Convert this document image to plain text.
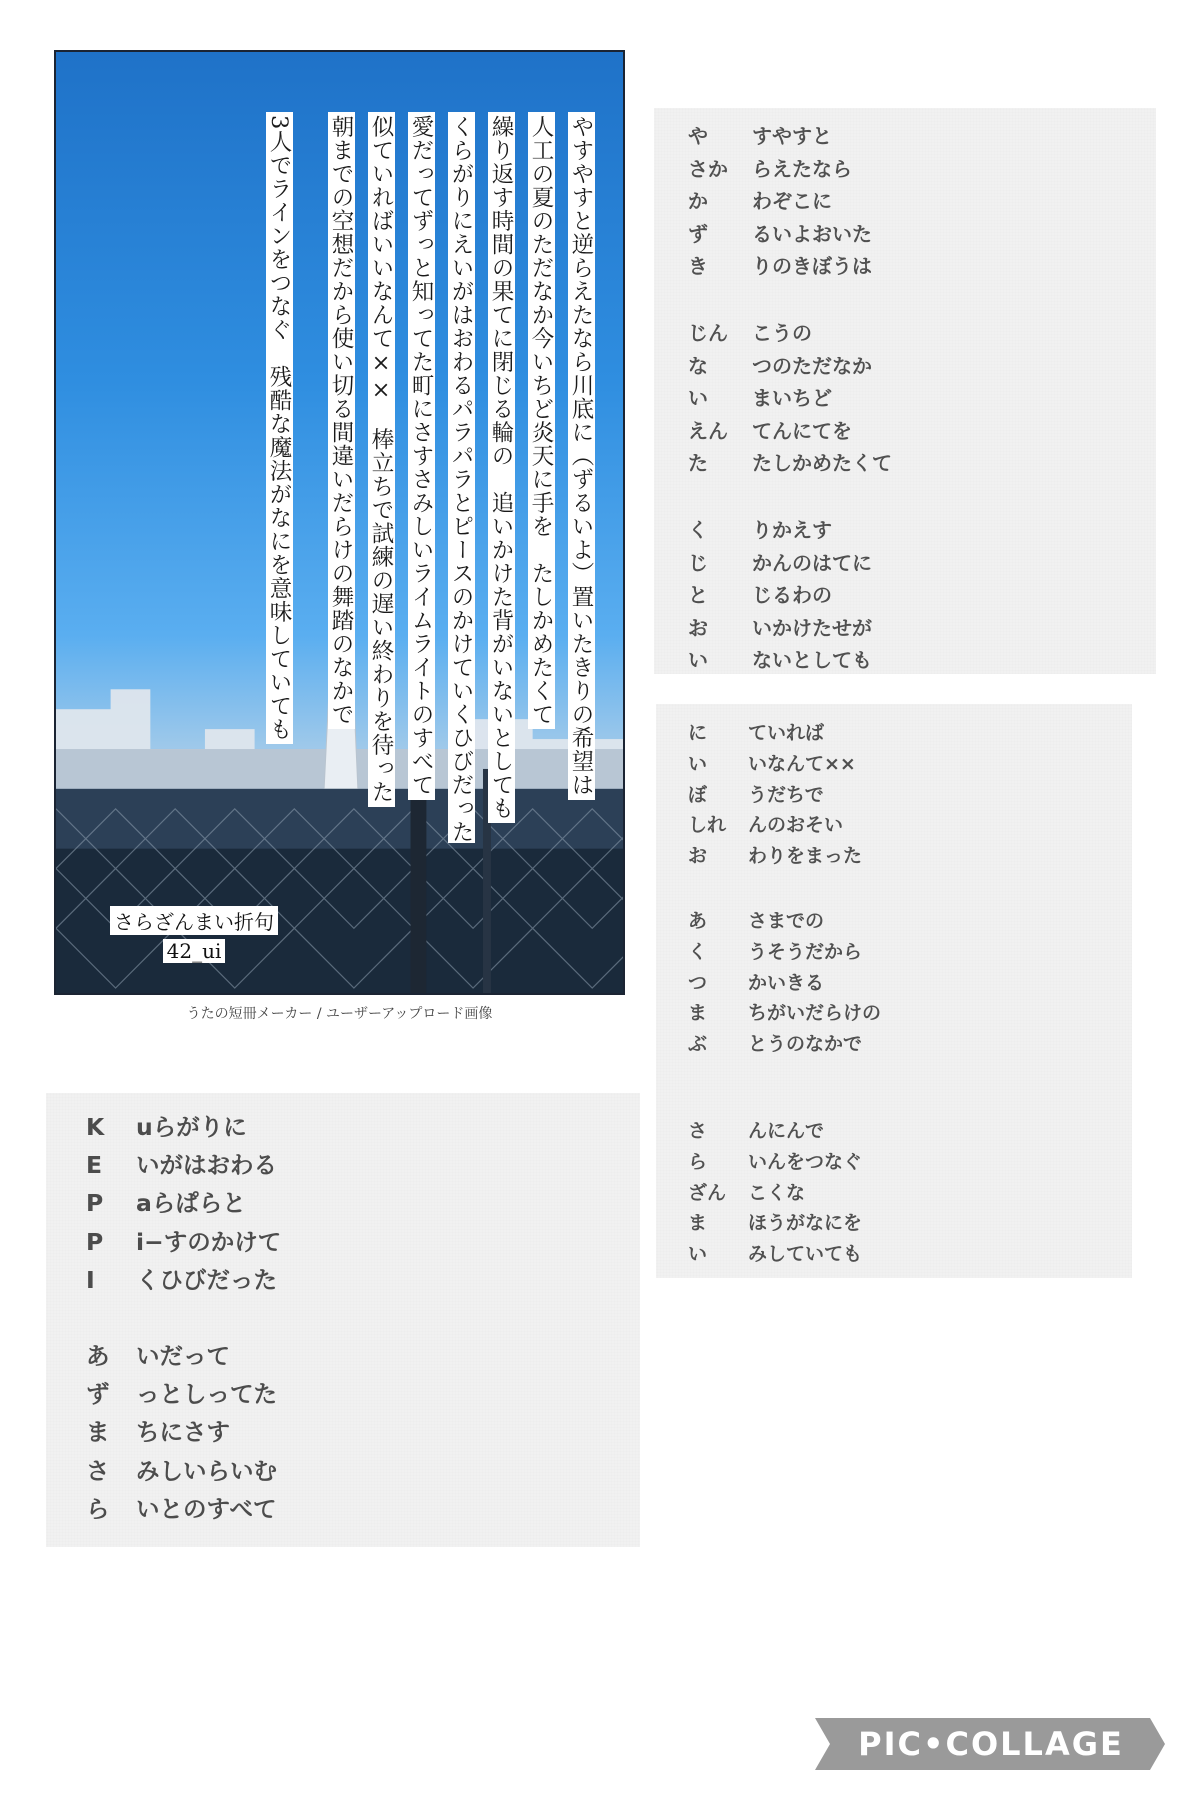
やすやすと逆らえたなら川底に（ずるいよ）置いたきりの希望は
人工の夏のただなか今いちど炎天に手を　たしかめたくて
繰り返す時間の果てに閉じる輪の　追いかけた背がいないとしても
くらがりにえいがはおわるパラパラとピースのかけていくひびだった
愛だってずっと知ってた町にさすさみしいライムライトのすべて
似ていればいいなんて××　棒立ちで試練の遅い終わりを待った
朝までの空想だから使い切る間違いだらけの舞踏のなかで
3人でラインをつなぐ　残酷な魔法がなにを意味していても
さらざんまい折句
42_ui
うたの短冊メーカー / ユーザーアップロード画像
や	すやすと
さか	らえたなら
か	わぞこに
ず	るいよおいた
き	りのきぼうは
じん	こうの
な	つのただなか
い	まいちど
えん	てんにてを
た	たしかめたくて
く	りかえす
じ	かんのはてに
と	じるわの
お	いかけたせが
い	ないとしても
に	ていれば
い	いなんて××
ぼ	うだちで
しれ	んのおそい
お	わりをまった
あ	さまでの
く	うそうだから
つ	かいきる
ま	ちがいだらけの
ぶ	とうのなかで
さ	んにんで
ら	いんをつなぐ
ざん	こくな
ま	ほうがなにを
い	みしていても
K	uらがりに
E	いがはおわる
P	aらぱらと
P	i−すのかけて
I	くひびだった
あ	いだって
ず	っとしってた
ま	ちにさす
さ	みしいらいむ
ら	いとのすべて
PIC•COLLAGE
